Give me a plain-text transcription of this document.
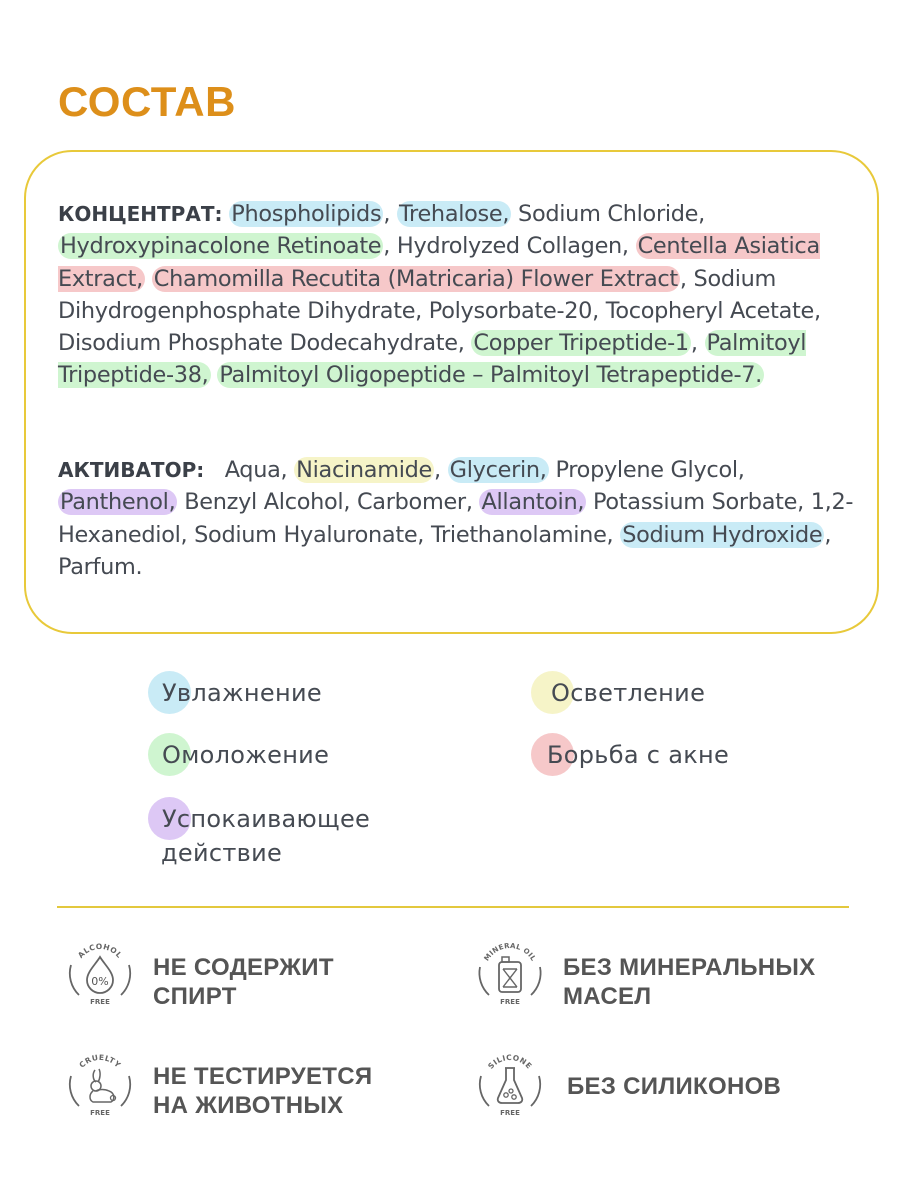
СОСТАВ
КОНЦЕНТРАТ: Phospholipids, Trehalose, Sodium Chloride, Hydroxypinacolone Retinoate, Hydrolyzed Collagen, Centella Asiatica Extract, Chamomilla Recutita (Matricaria) Flower Extract, Sodium Dihydrogenphosphate Dihydrate, Polysorbate-20, Tocopheryl Acetate, Disodium Phosphate Dodecahydrate, Copper Tripeptide-1, Palmitoyl Tripeptide-38, Palmitoyl Oligopeptide – Palmitoyl Tetrapeptide-7.
АКТИВАТОР: Aqua, Niacinamide, Glycerin, Propylene Glycol, Panthenol, Benzyl Alcohol, Carbomer, Allantoin, Potassium Sorbate, 1,2-Hexanediol, Sodium Hyaluronate, Triethanolamine, Sodium Hydroxide, Parfum.
Увлажнение	Осветление
Омоложение	Борьба с акне
Успокаивающее
действие
ALCOHOL
FREE
0%
НЕ СОДЕРЖИТ
СПИРТ
MINERAL OIL
FREE
БЕЗ МИНЕРАЛЬНЫХ
МАСЕЛ
CRUELTY
FREE
НЕ ТЕСТИРУЕТСЯ
НА ЖИВОТНЫХ
SILICONE
FREE
БЕЗ СИЛИКОНОВ
